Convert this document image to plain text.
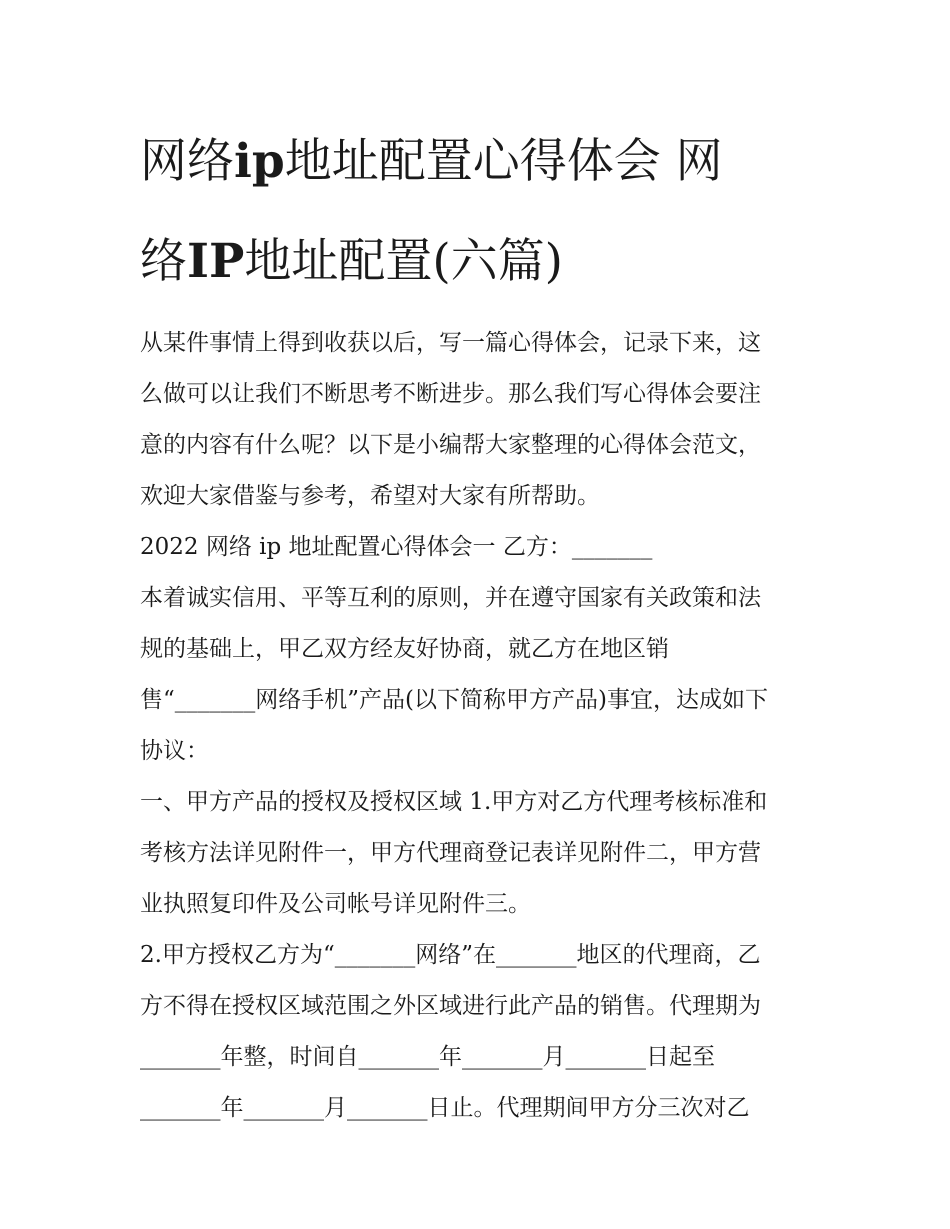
网络ip地址配置心得体会 网
络IP地址配置(六篇)

从某件事情上得到收获以后，写一篇心得体会，记录下来，这
么做可以让我们不断思考不断进步。那么我们写心得体会要注
意的内容有什么呢？以下是小编帮大家整理的心得体会范文，
欢迎大家借鉴与参考，希望对大家有所帮助。

2022 网络 ip 地址配置心得体会一 乙方：_______

本着诚实信用、平等互利的原则，并在遵守国家有关政策和法
规的基础上，甲乙双方经友好协商，就乙方在地区销
售“_______网络手机”产品(以下简称甲方产品)事宜，达成如下
协议：

一、甲方产品的授权及授权区域 1.甲方对乙方代理考核标准和
考核方法详见附件一，甲方代理商登记表详见附件二，甲方营
业执照复印件及公司帐号详见附件三。

2.甲方授权乙方为“_______网络”在_______地区的代理商，乙
方不得在授权区域范围之外区域进行此产品的销售。代理期为
_______年整，时间自_______年_______月_______日起至
_______年_______月_______日止。代理期间甲方分三次对乙
